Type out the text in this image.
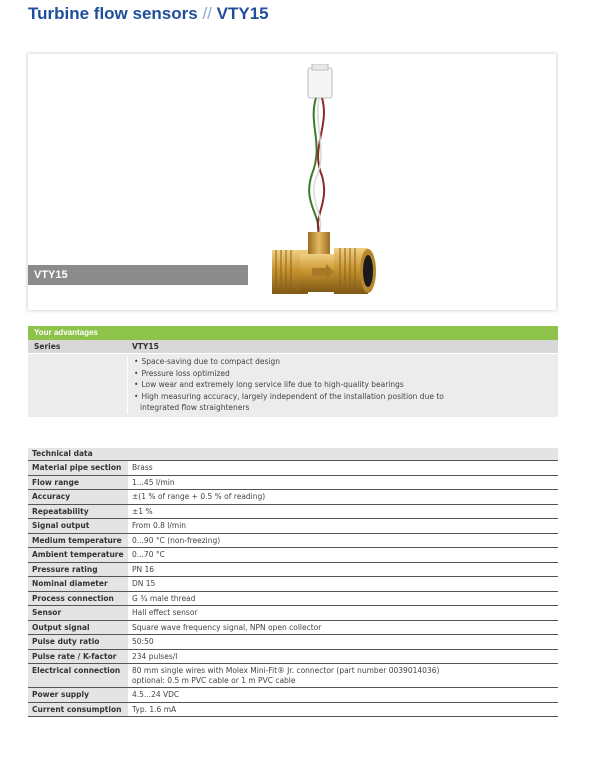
Turbine flow sensors // VTY15
VTY15
Your advantages
Series	VTY15
• Space-saving due to compact design
• Pressure loss optimized
• Low wear and extremely long service life due to high-quality bearings
• High measuring accuracy, largely independent of the installation position due to integrated flow straighteners
Technical data
Material pipe section	Brass
Flow range	1...45 l/min
Accuracy	±(1 % of range + 0.5 % of reading)
Repeatability	±1 %
Signal output	From 0.8 l/min
Medium temperature	0...90 °C (non-freezing)
Ambient temperature	0...70 °C
Pressure rating	PN 16
Nominal diameter	DN 15
Process connection	G ¾ male thread
Sensor	Hall effect sensor
Output signal	Square wave frequency signal, NPN open collector
Pulse duty ratio	50:50
Pulse rate / K-factor	234 pulses/l
Electrical connection	80 mm single wires with Molex Mini-Fit® Jr. connector (part number 0039014036)
optional: 0.5 m PVC cable or 1 m PVC cable
Power supply	4.5...24 VDC
Current consumption	Typ. 1.6 mA
